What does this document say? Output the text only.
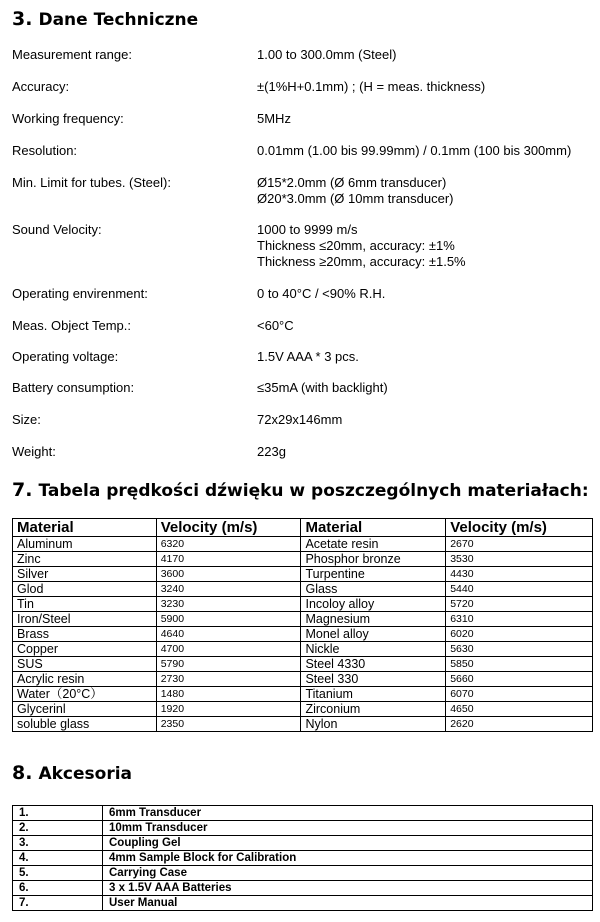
3. Dane Techniczne
Measurement range:	1.00 to 300.0mm (Steel)
Accuracy:	±(1%H+0.1mm) ; (H = meas. thickness)
Working frequency:	5MHz
Resolution:	0.01mm (1.00 bis 99.99mm) / 0.1mm (100 bis 300mm)
Min. Limit for tubes. (Steel):	Ø15*2.0mm (Ø 6mm transducer)
Ø20*3.0mm (Ø 10mm transducer)
Sound Velocity:	1000 to 9999 m/s
Thickness ≤20mm, accuracy: ±1%
Thickness ≥20mm, accuracy: ±1.5%
Operating envirenment:	0 to 40°C / <90% R.H.
Meas. Object Temp.:	<60°C
Operating voltage:	1.5V AAA * 3 pcs.
Battery consumption:	≤35mA (with backlight)
Size:	72x29x146mm
Weight:	223g
7. Tabela prędkości dźwięku w poszczególnych materiałach:
Material	Velocity (m/s)	Material	Velocity (m/s)
Aluminum	6320	Acetate resin	2670
Zinc	4170	Phosphor bronze	3530
Silver	3600	Turpentine	4430
Glod	3240	Glass	5440
Tin	3230	Incoloy alloy	5720
Iron/Steel	5900	Magnesium	6310
Brass	4640	Monel alloy	6020
Copper	4700	Nickle	5630
SUS	5790	Steel 4330	5850
Acrylic resin	2730	Steel 330	5660
Water（20°C）	1480	Titanium	6070
Glycerinl	1920	Zirconium	4650
soluble glass	2350	Nylon	2620
8. Akcesoria
1.	6mm Transducer
2.	10mm Transducer
3.	Coupling Gel
4.	4mm Sample Block for Calibration
5.	Carrying Case
6.	3 x 1.5V AAA Batteries
7.	User Manual
